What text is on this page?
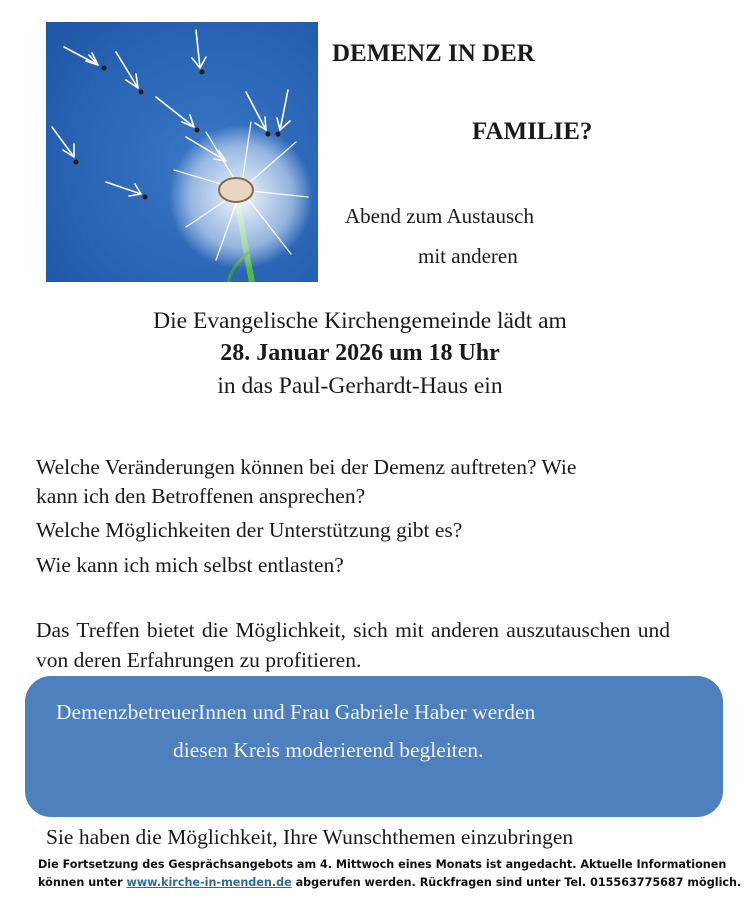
DEMENZ IN DER
FAMILIE?
Abend zum Austausch
mit anderen
Die Evangelische Kirchengemeinde lädt am
28. Januar 2026 um 18 Uhr
in das Paul-Gerhardt-Haus ein
Welche Veränderungen können bei der Demenz auftreten? Wie
kann ich den Betroffenen ansprechen?
Welche Möglichkeiten der Unterstützung gibt es?
Wie kann ich mich selbst entlasten?
Das Treffen bietet die Möglichkeit, sich mit anderen auszutauschen und von deren Erfahrungen zu profitieren.
DemenzbetreuerInnen und Frau Gabriele Haber werden
diesen Kreis moderierend begleiten.
Sie haben die Möglichkeit, Ihre Wunschthemen einzubringen
Die Fortsetzung des Gesprächsangebots am 4. Mittwoch eines Monats ist angedacht. Aktuelle Informationen
können unter www.kirche-in-menden.de abgerufen werden. Rückfragen sind unter Tel. 015563775687 möglich.
